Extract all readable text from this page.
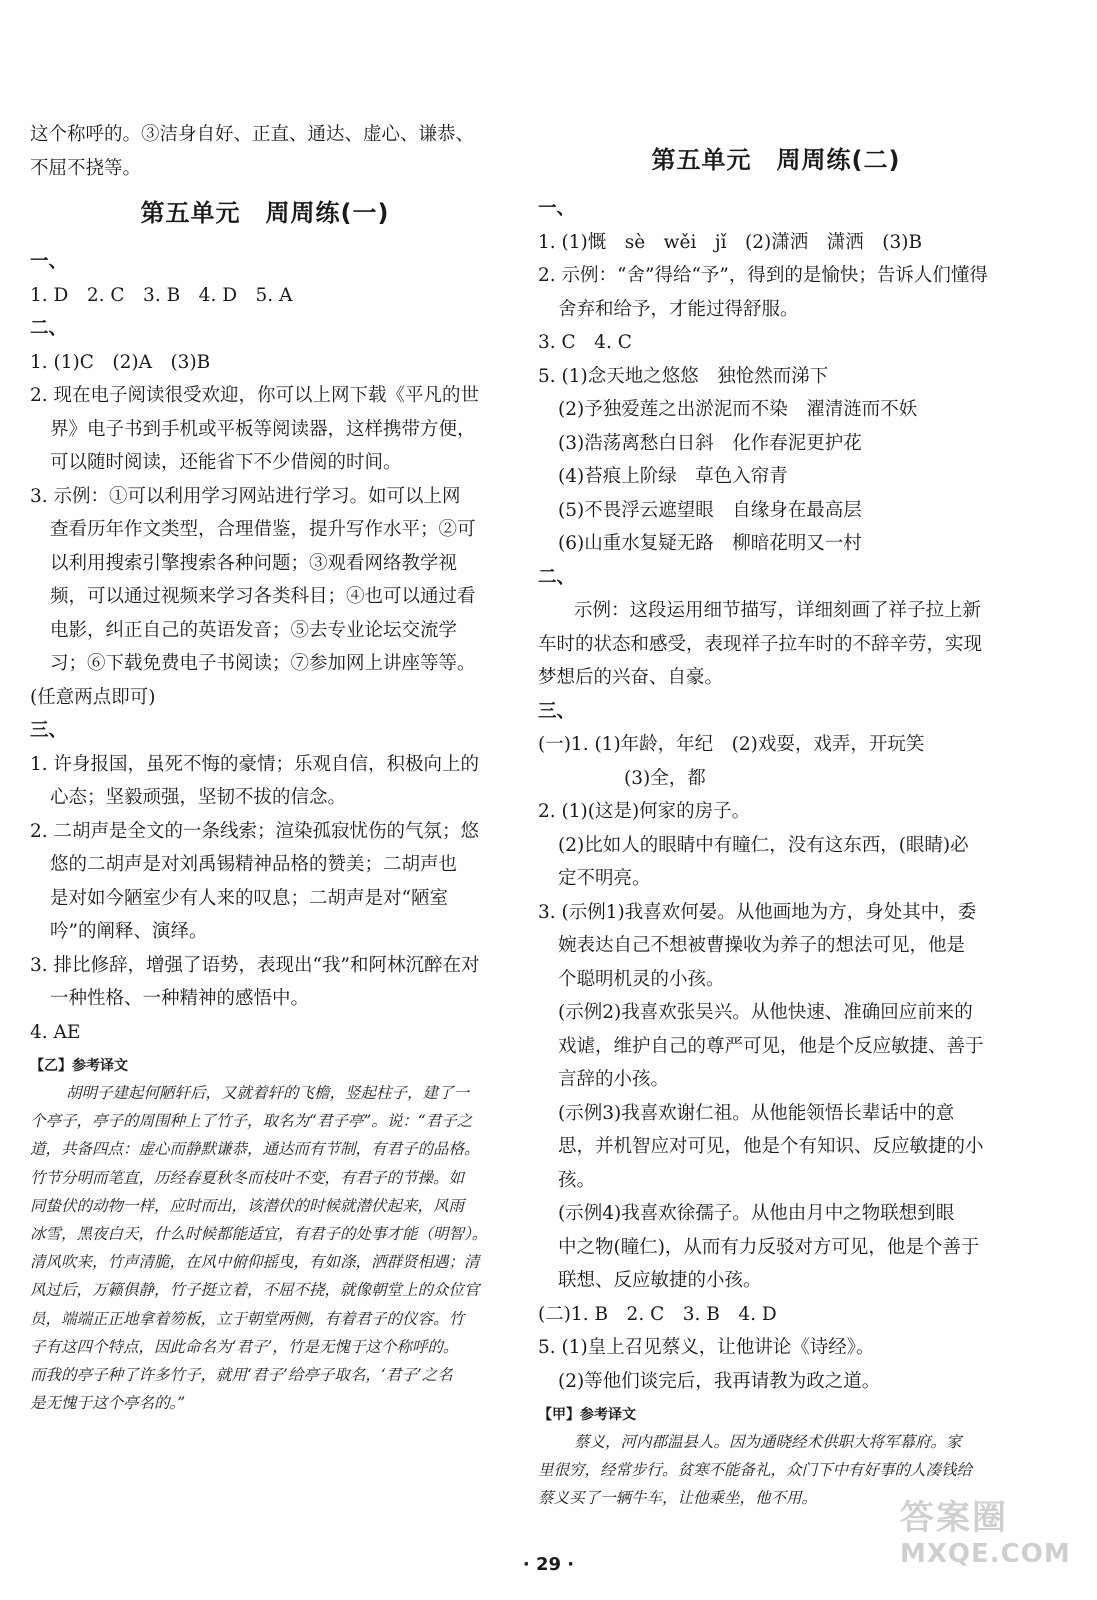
这个称呼的。③洁身自好、正直、通达、虚心、谦恭、
不屈不挠等。
第五单元　周周练(一)
一、
1. D　2. C　3. B　4. D　5. A
二、
1. (1)C　(2)A　(3)B
2. 现在电子阅读很受欢迎，你可以上网下载《平凡的世
界》电子书到手机或平板等阅读器，这样携带方便，
可以随时阅读，还能省下不少借阅的时间。
3. 示例：①可以利用学习网站进行学习。如可以上网
查看历年作文类型，合理借鉴，提升写作水平；②可
以利用搜索引擎搜索各种问题；③观看网络教学视
频，可以通过视频来学习各类科目；④也可以通过看
电影，纠正自己的英语发音；⑤去专业论坛交流学
习；⑥下载免费电子书阅读；⑦参加网上讲座等等。
(任意两点即可)
三、
1. 许身报国，虽死不悔的豪情；乐观自信，积极向上的
心态；坚毅顽强，坚韧不拔的信念。
2. 二胡声是全文的一条线索；渲染孤寂忧伤的气氛；悠
悠的二胡声是对刘禹锡精神品格的赞美；二胡声也
是对如今陋室少有人来的叹息；二胡声是对“陋室
吟”的阐释、演绎。
3. 排比修辞，增强了语势，表现出“我”和阿林沉醉在对
一种性格、一种精神的感悟中。
4. AE
【乙】参考译文
胡明子建起何陋轩后，又就着轩的飞檐，竖起柱子，建了一
个亭子，亭子的周围种上了竹子，取名为“君子亭”。说：“君子之
道，共备四点：虚心而静默谦恭，通达而有节制，有君子的品格。
竹节分明而笔直，历经春夏秋冬而枝叶不变，有君子的节操。如
同蛰伏的动物一样，应时而出，该潜伏的时候就潜伏起来，风雨
冰雪，黑夜白天，什么时候都能适宜，有君子的处事才能（明智）。
清风吹来，竹声清脆，在风中俯仰摇曳，有如涤，洒群贤相遇；清
风过后，万籁俱静，竹子挺立着，不屈不挠，就像朝堂上的众位官
员，端端正正地拿着笏板，立于朝堂两侧，有着君子的仪容。竹
子有这四个特点，因此命名为‘君子’，竹是无愧于这个称呼的。
而我的亭子种了许多竹子，就用‘君子’给亭子取名，‘君子’之名
是无愧于这个亭名的。”
第五单元　周周练(二)
一、
1. (1)慨　sè　wěi　jǐ　(2)潇洒　潇洒　(3)B
2. 示例：“舍”得给“予”，得到的是愉快；告诉人们懂得
舍弃和给予，才能过得舒服。
3. C　4. C
5. (1)念天地之悠悠　独怆然而涕下
(2)予独爱莲之出淤泥而不染　濯清涟而不妖
(3)浩荡离愁白日斜　化作春泥更护花
(4)苔痕上阶绿　草色入帘青
(5)不畏浮云遮望眼　自缘身在最高层
(6)山重水复疑无路　柳暗花明又一村
二、
示例：这段运用细节描写，详细刻画了祥子拉上新
车时的状态和感受，表现祥子拉车时的不辞辛劳，实现
梦想后的兴奋、自豪。
三、
(一)1. (1)年龄，年纪　(2)戏耍，戏弄，开玩笑
(3)全，都
2. (1)(这是)何家的房子。
(2)比如人的眼睛中有瞳仁，没有这东西，(眼睛)必
定不明亮。
3. (示例1)我喜欢何晏。从他画地为方，身处其中，委
婉表达自己不想被曹操收为养子的想法可见，他是
个聪明机灵的小孩。
(示例2)我喜欢张吴兴。从他快速、准确回应前来的
戏谑，维护自己的尊严可见，他是个反应敏捷、善于
言辞的小孩。
(示例3)我喜欢谢仁祖。从他能领悟长辈话中的意
思，并机智应对可见，他是个有知识、反应敏捷的小
孩。
(示例4)我喜欢徐孺子。从他由月中之物联想到眼
中之物(瞳仁)，从而有力反驳对方可见，他是个善于
联想、反应敏捷的小孩。
(二)1. B　2. C　3. B　4. D
5. (1)皇上召见蔡义，让他讲论《诗经》。
(2)等他们谈完后，我再请教为政之道。
【甲】参考译文
蔡义，河内郡温县人。因为通晓经术供职大将军幕府。家
里很穷，经常步行。贫寒不能备礼，众门下中有好事的人凑钱给
蔡义买了一辆牛车，让他乘坐，他不用。
· 29 ·
答案圈
MXQE.COM
